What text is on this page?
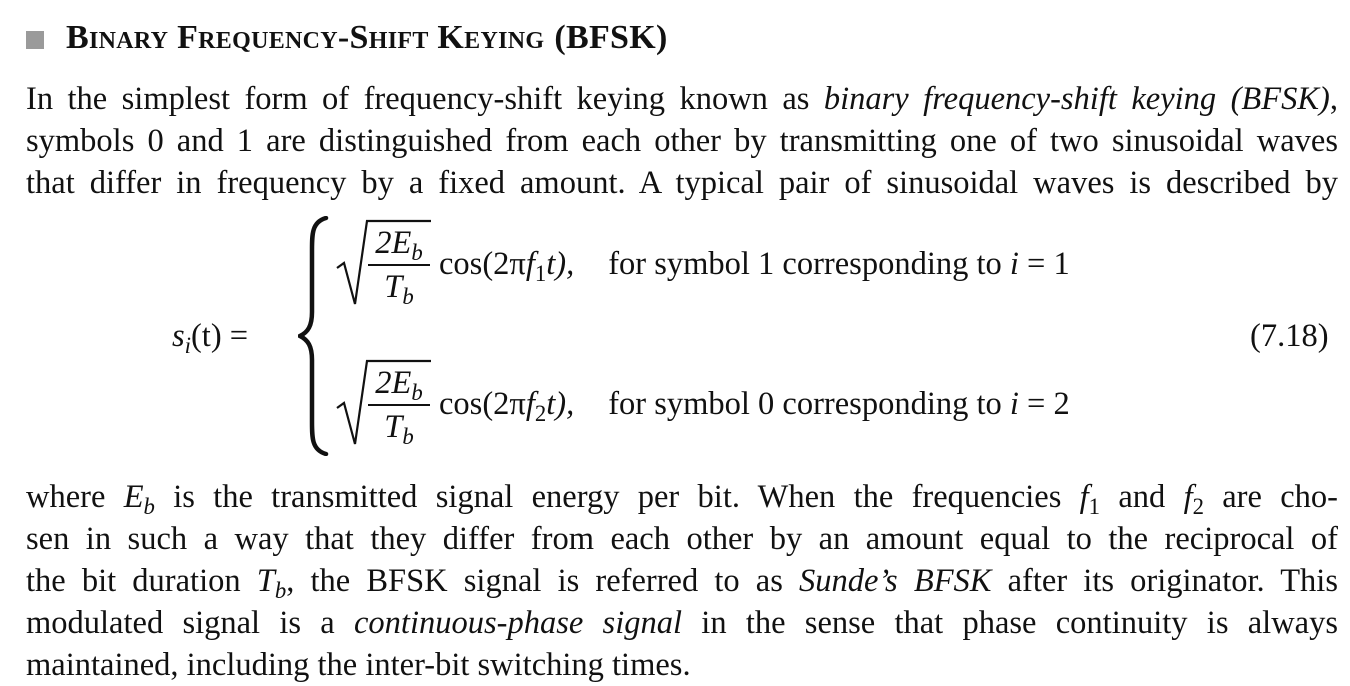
Binary Frequency-Shift Keying (BFSK)
In the simplest form of frequency-shift keying known as binary frequency-shift keying (BFSK),
symbols 0 and 1 are distinguished from each other by transmitting one of two sinusoidal waves
that differ in frequency by a fixed amount. A typical pair of sinusoidal waves is described by
$s_i(t)$ =
$2E_b$
$T_b$
$\cos(2\pi f_1t)$, for symbol 1 corresponding to i = 1
$2E_b$
$T_b$
$\cos(2\pi f_2t)$, for symbol 0 corresponding to i = 2
(7.18)
where $E_b$ is the transmitted signal energy per bit. When the frequencies $f_1$ and $f_2$ are cho-
sen in such a way that they differ from each other by an amount equal to the reciprocal of
the bit duration $T_b$, the BFSK signal is referred to as Sunde’s BFSK after its originator. This
modulated signal is a continuous-phase signal in the sense that phase continuity is always
maintained, including the inter-bit switching times.
